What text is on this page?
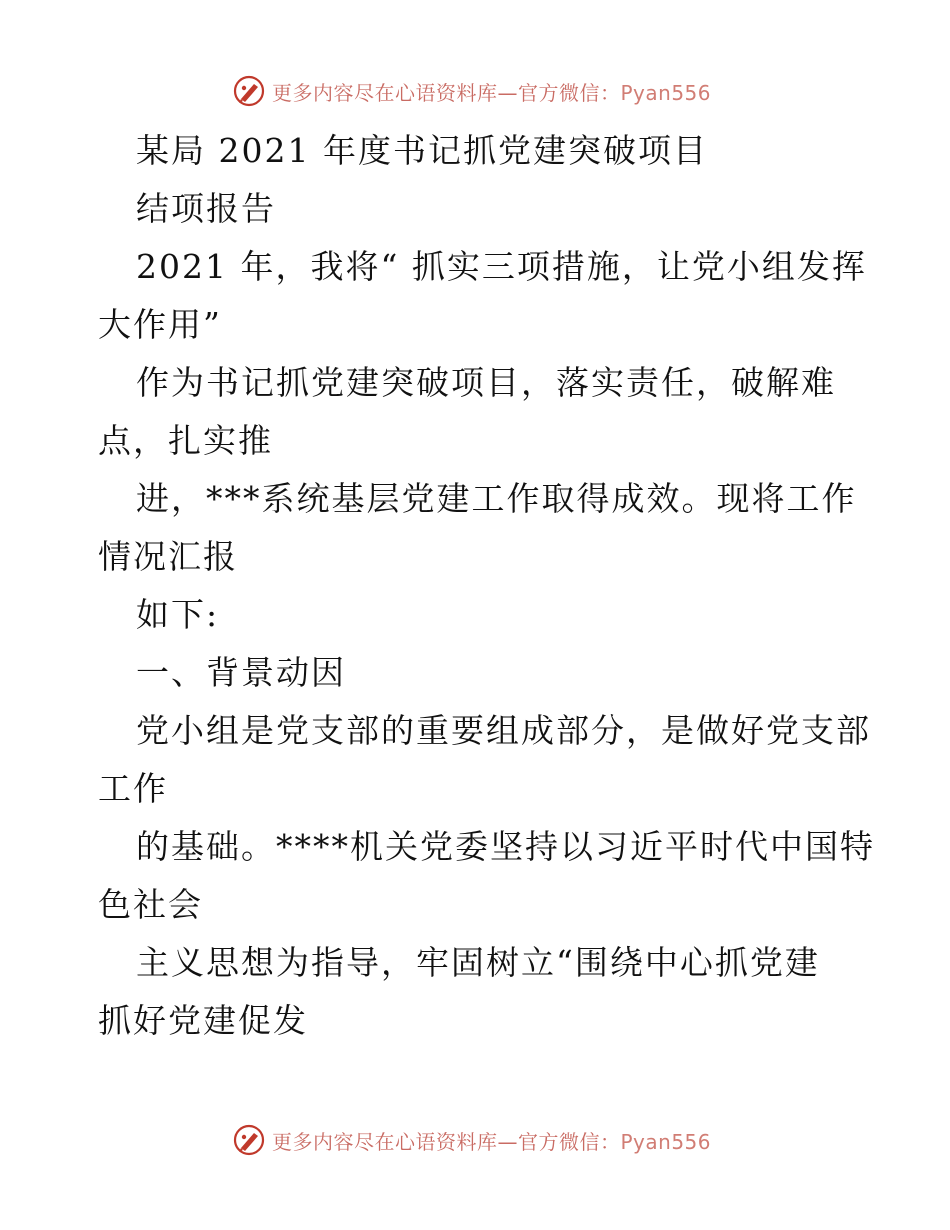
更多内容尽在心语资料库—官方微信：Pyan556

某局 2021 年度书记抓党建突破项目

结项报告

2021 年，我将“ 抓实三项措施，让党小组发挥
大作用”

作为书记抓党建突破项目，落实责任，破解难
点，扎实推

进，***系统基层党建工作取得成效。现将工作
情况汇报

如下:

一、背景动因

党小组是党支部的重要组成部分，是做好党支部
工作

的基础。****机关党委坚持以习近平时代中国特
色社会

主义思想为指导，牢固树立“围绕中心抓党建
抓好党建促发

更多内容尽在心语资料库—官方微信：Pyan556
